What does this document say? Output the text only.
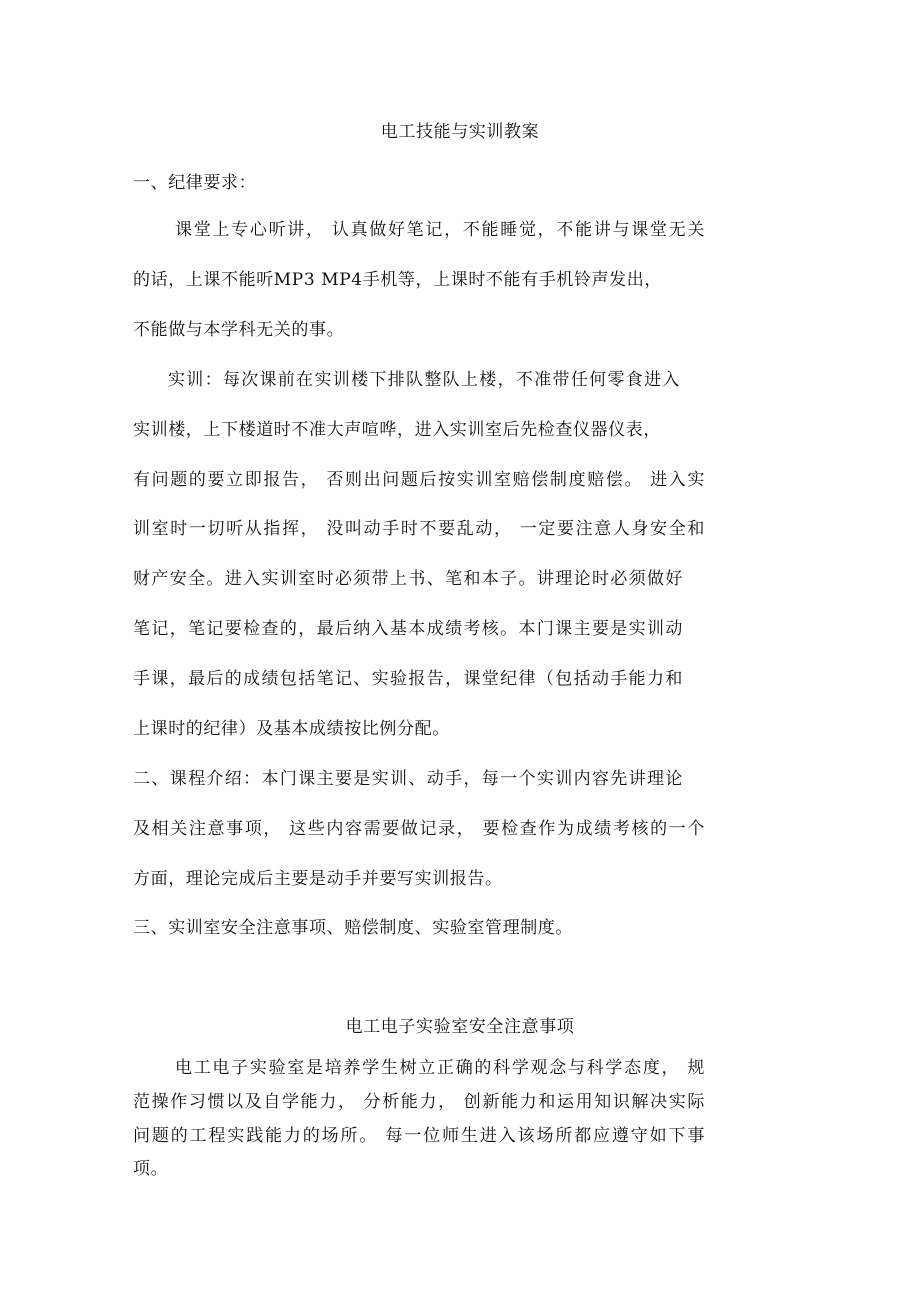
电工技能与实训教案
一、纪律要求：
课堂上专心听讲， 认真做好笔记，不能睡觉，不能讲与课堂无关
的话，上课不能听MP3 MP4手机等，上课时不能有手机铃声发出，
不能做与本学科无关的事。
实训：每次课前在实训楼下排队整队上楼，不准带任何零食进入
实训楼，上下楼道时不准大声喧哗，进入实训室后先检查仪器仪表，
有问题的要立即报告， 否则出问题后按实训室赔偿制度赔偿。 进入实
训室时一切听从指挥， 没叫动手时不要乱动， 一定要注意人身安全和
财产安全。进入实训室时必须带上书、笔和本子。讲理论时必须做好
笔记，笔记要检查的，最后纳入基本成绩考核。本门课主要是实训动
手课，最后的成绩包括笔记、实验报告，课堂纪律（包括动手能力和
上课时的纪律）及基本成绩按比例分配。
二、课程介绍：本门课主要是实训、动手，每一个实训内容先讲理论
及相关注意事项， 这些内容需要做记录， 要检查作为成绩考核的一个
方面，理论完成后主要是动手并要写实训报告。
三、实训室安全注意事项、赔偿制度、实验室管理制度。
电工电子实验室安全注意事项
电工电子实验室是培养学生树立正确的科学观念与科学态度， 规
范操作习惯以及自学能力， 分析能力， 创新能力和运用知识解决实际
问题的工程实践能力的场所。 每一位师生进入该场所都应遵守如下事
项。
